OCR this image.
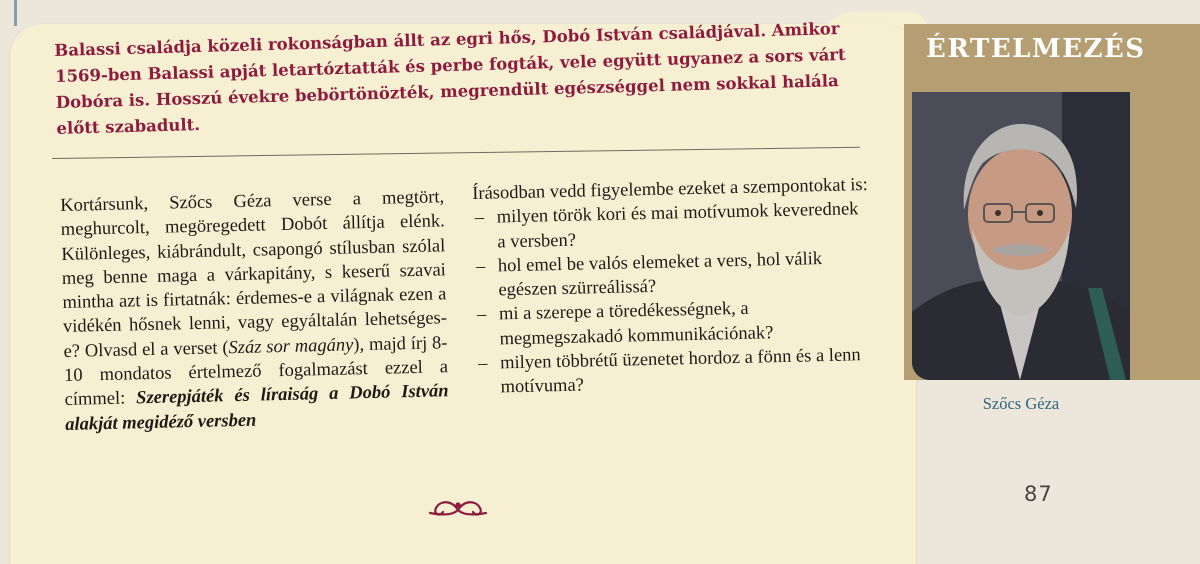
Balassi családja közeli rokonságban állt az egri hős, Dobó István családjával. Amikor 1569-ben Balassi apját letartóztatták és perbe fogták, vele együtt ugyanez a sors várt Dobóra is. Hosszú évekre bebörtönözték, megrendült egészséggel nem sokkal halála előtt szabadult.

Kortársunk, Szőcs Géza verse a megtört, meghurcolt, megöregedett Dobót állítja elénk. Különleges, kiábrándult, csapongó stílusban szólal meg benne maga a várkapitány, s keserű szavai mintha azt is firtatnák: érdemes-e a világnak ezen a vidékén hősnek lenni, vagy egyáltalán lehetséges-e? Olvasd el a verset (Száz sor magány), majd írj 8-10 mondatos értelmező fogalmazást ezzel a címmel: Szerepjáték és líraiság a Dobó István alakját megidéző versben

Írásodban vedd figyelembe ezeket a szempontokat is:
– milyen török kori és mai motívumok keverednek a versben?
– hol emel be valós elemeket a vers, hol válik egészen szürreálissá?
– mi a szerepe a töredékességnek, a megmegszakadó kommunikációnak?
– milyen többrétű üzenetet hordoz a fönn és a lenn motívuma?
87
ÉRTELMEZÉS
Szőcs Géza
